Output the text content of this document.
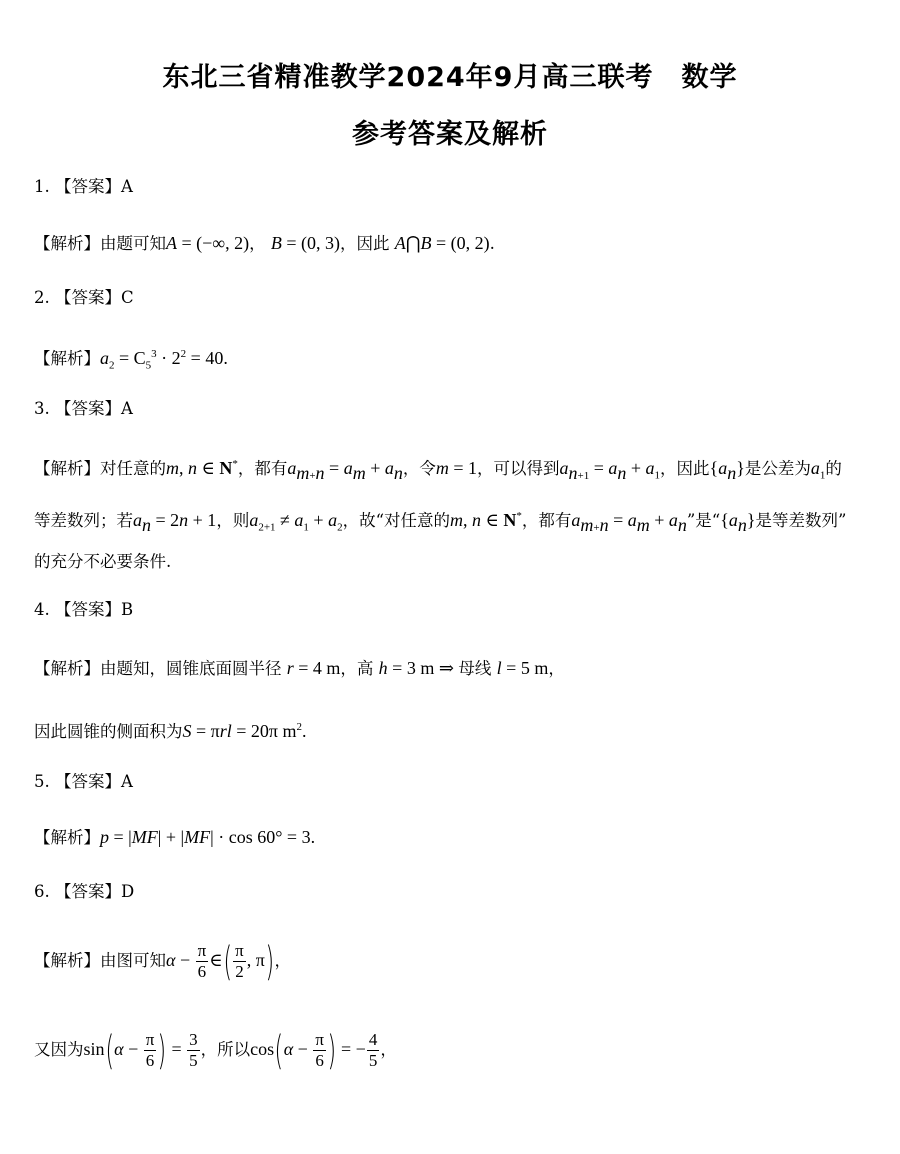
东北三省精准教学2024年9月高三联考　数学
参考答案及解析
1. 【答案】A
【解析】由题可知A = (−∞, 2)， B = (0, 3)，因此 A⋂B = (0, 2).
2. 【答案】C
【解析】$a_2 = C_5^3 \cdot 2^2 = 40$.
3. 【答案】A
【解析】对任意的m, n ∈ N*，都有$a_{m+n} = a_m + a_n$，令m = 1，可以得到$a_{n+1} = a_n + a_1$，因此$\{a_n\}$是公差为$a_1$的
等差数列；若$a_n = 2n + 1$，则$a_{2+1} \ne a_1 + a_2$，故“对任意的m, n ∈ N*，都有$a_{m+n} = a_m + a_n$”是“$\{a_n\}$是等差数列”
的充分不必要条件.
4. 【答案】B
【解析】由题知，圆锥底面圆半径 r = 4 m，高 h = 3 m ⇒ 母线 l = 5 m，
因此圆锥的侧面积为S = πrl = 20π $m^2$.
5. 【答案】A
【解析】p = |MF| + |MF| · cos 60° = 3.
6. 【答案】D
【解析】由图可知$\alpha - \frac{\pi}{6}$ ∈( $\frac{\pi}{2}$ , π)，
又因为$\sin(\alpha - \frac{\pi}{6}$ ) = $\frac{3}{5}$ ，所以$\cos(\alpha - \frac{\pi}{6}$ ) = − $\frac{4}{5}$ ，
